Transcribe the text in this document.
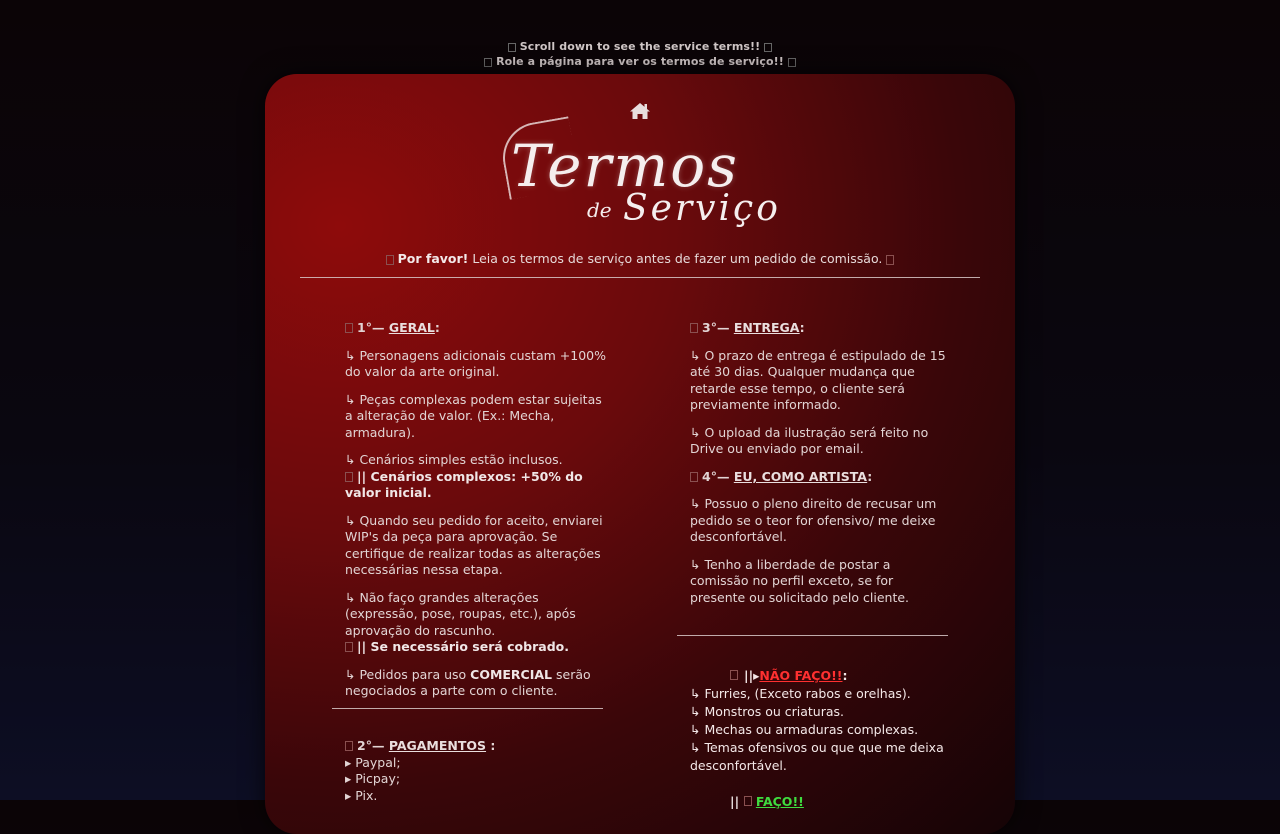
Scroll down to see the service terms!!
Role a página para ver os termos de serviço!!
Termos
de Serviço
Por favor! Leia os termos de serviço antes de fazer um pedido de comissão.

1°— GERAL:

↳ Personagens adicionais custam +100% do valor da arte original.

↳ Peças complexas podem estar sujeitas a alteração de valor. (Ex.: Mecha, armadura).

↳ Cenários simples estão inclusos.
|| Cenários complexos: +50% do valor inicial.

↳ Quando seu pedido for aceito, enviarei WIP's da peça para aprovação. Se certifique de realizar todas as alterações necessárias nessa etapa.

↳ Não faço grandes alterações (expressão, pose, roupas, etc.), após aprovação do rascunho.
|| Se necessário será cobrado.

↳ Pedidos para uso COMERCIAL serão negociados a parte com o cliente.

2°— PAGAMENTOS :
▸ Paypal;
▸ Picpay;
▸ Pix.

3°— ENTREGA:

↳ O prazo de entrega é estipulado de 15 até 30 dias. Qualquer mudança que retarde esse tempo, o cliente será previamente informado.

↳ O upload da ilustração será feito no Drive ou enviado por email.

4°— EU, COMO ARTISTA:

↳ Possuo o pleno direito de recusar um pedido se o teor for ofensivo/ me deixe desconfortável.

↳ Tenho a liberdade de postar a comissão no perfil exceto, se for presente ou solicitado pelo cliente.

||▸NÃO FAÇO!!:
↳ Furries, (Exceto rabos e orelhas).
↳ Monstros ou criaturas.
↳ Mechas ou armaduras complexas.
↳ Temas ofensivos ou que que me deixa desconfortável.
|| FAÇO!!
